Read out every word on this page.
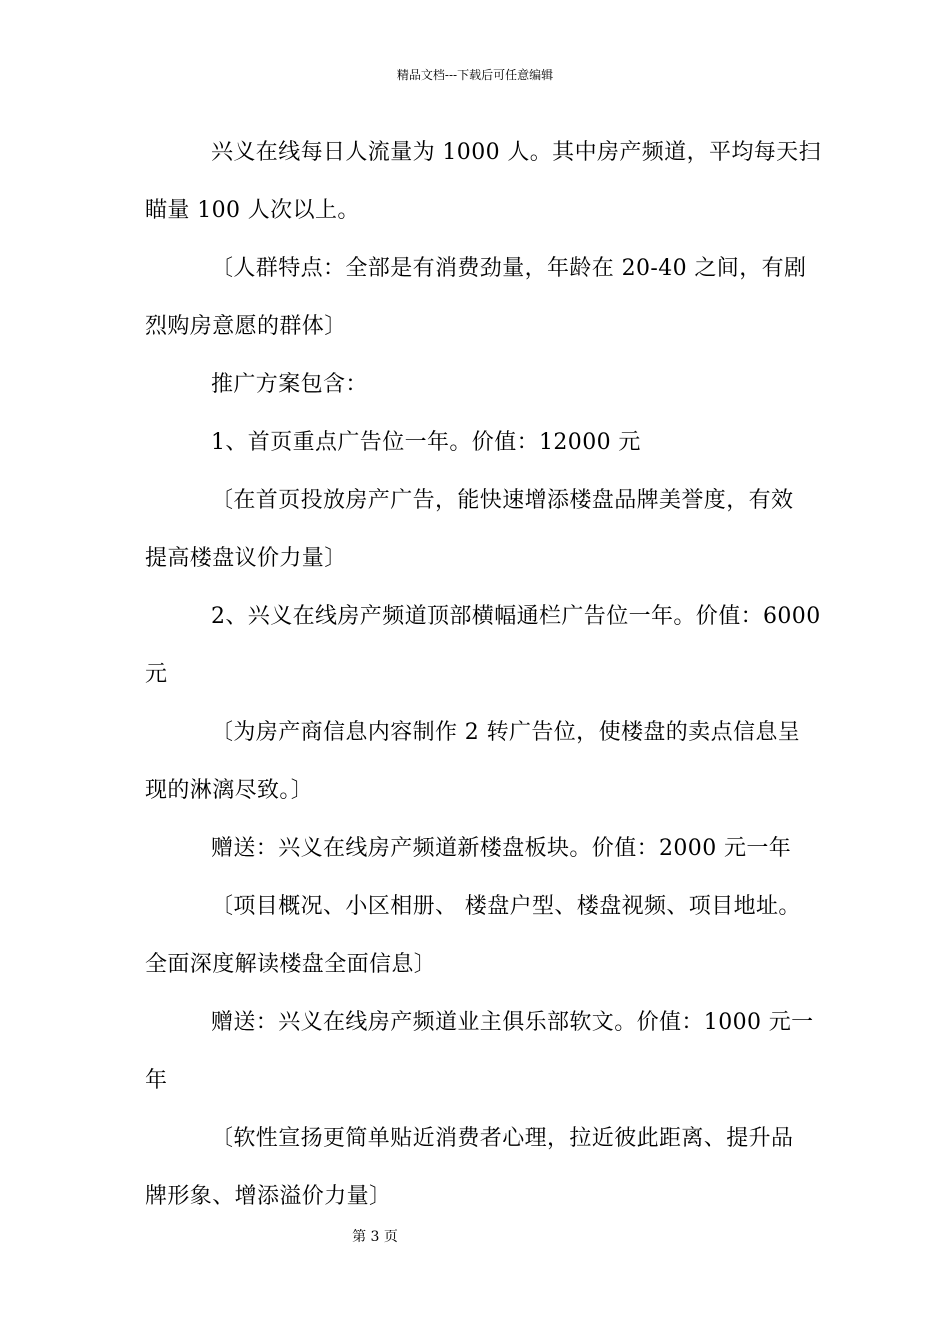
精品文档---下载后可任意编辑
兴义在线每日人流量为 1000 人。其中房产频道，平均每天扫
瞄量 100 人次以上。
〔人群特点：全部是有消费劲量，年龄在 20-40 之间，有剧
烈购房意愿的群体〕
推广方案包含：
1、首页重点广告位一年。价值：12000 元
〔在首页投放房产广告，能快速增添楼盘品牌美誉度，有效
提高楼盘议价力量〕
2、兴义在线房产频道顶部横幅通栏广告位一年。价值：6000
元
〔为房产商信息内容制作 2 转广告位，使楼盘的卖点信息呈
现的淋漓尽致。〕
赠送：兴义在线房产频道新楼盘板块。价值：2000 元一年
〔项目概况、小区相册、 楼盘户型、楼盘视频、项目地址。
全面深度解读楼盘全面信息〕
赠送：兴义在线房产频道业主俱乐部软文。价值：1000 元一
年
〔软性宣扬更简单贴近消费者心理，拉近彼此距离、提升品
牌形象、增添溢价力量〕
第 3 页
